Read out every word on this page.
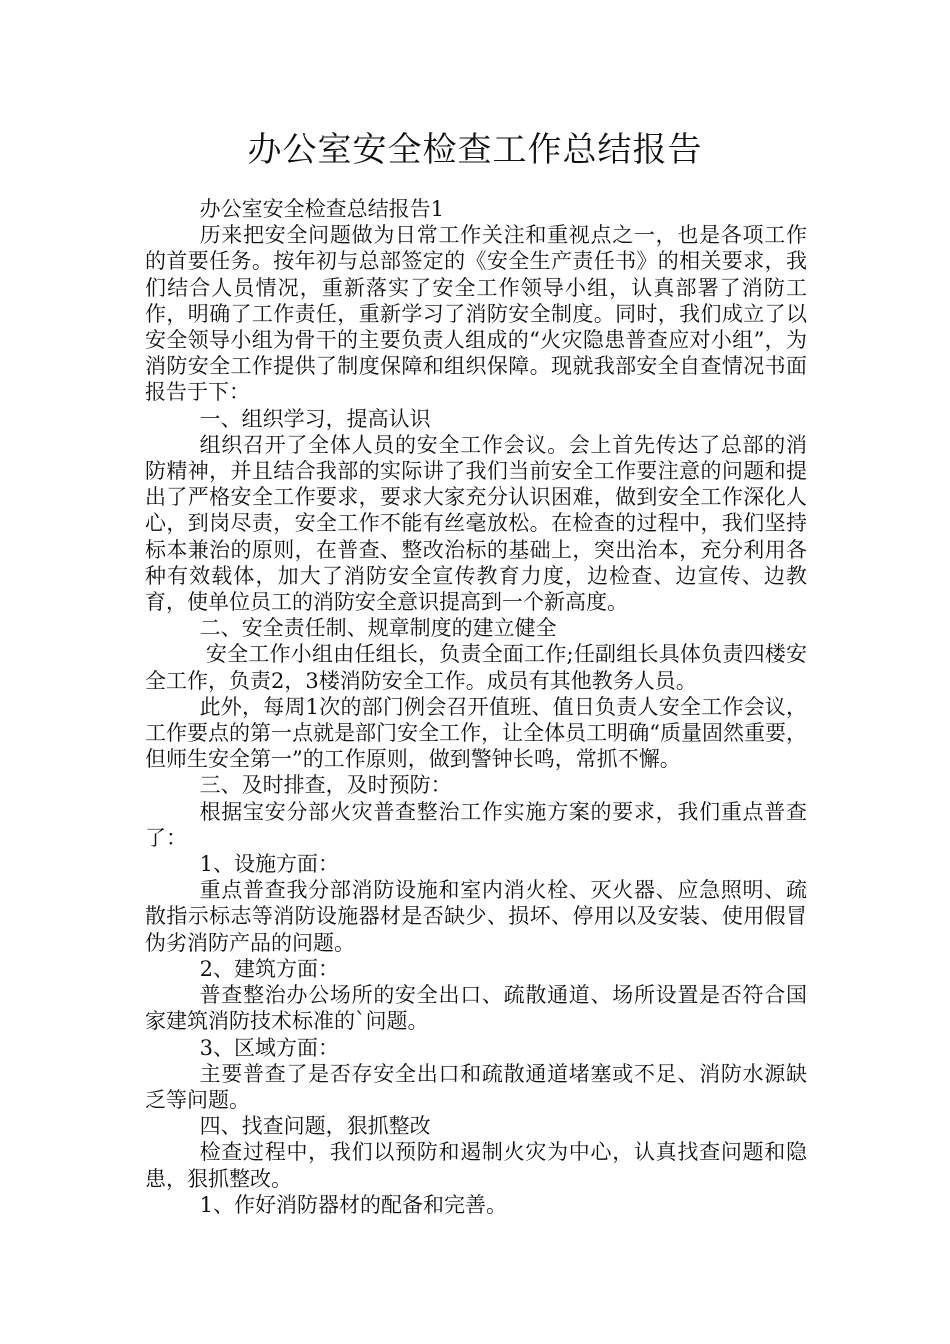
办公室安全检查工作总结报告

办公室安全检查总结报告1

历来把安全问题做为日常工作关注和重视点之一，也是各项工作的首要任务。按年初与总部签定的《安全生产责任书》的相关要求，我们结合人员情况，重新落实了安全工作领导小组，认真部署了消防工作，明确了工作责任，重新学习了消防安全制度。同时，我们成立了以安全领导小组为骨干的主要负责人组成的“火灾隐患普查应对小组”，为消防安全工作提供了制度保障和组织保障。现就我部安全自查情况书面报告于下：

一、组织学习，提高认识

组织召开了全体人员的安全工作会议。会上首先传达了总部的消防精神，并且结合我部的实际讲了我们当前安全工作要注意的问题和提出了严格安全工作要求，要求大家充分认识困难，做到安全工作深化人心，到岗尽责，安全工作不能有丝毫放松。在检查的过程中，我们坚持标本兼治的原则，在普查、整改治标的基础上，突出治本，充分利用各种有效载体，加大了消防安全宣传教育力度，边检查、边宣传、边教育，使单位员工的消防安全意识提高到一个新高度。

二、安全责任制、规章制度的建立健全

安全工作小组由任组长，负责全面工作;任副组长具体负责四楼安全工作，负责2，3楼消防安全工作。成员有其他教务人员。

此外，每周1次的部门例会召开值班、值日负责人安全工作会议，工作要点的第一点就是部门安全工作，让全体员工明确“质量固然重要，但师生安全第一”的工作原则，做到警钟长鸣，常抓不懈。

三、及时排查，及时预防：

根据宝安分部火灾普查整治工作实施方案的要求，我们重点普查了：

1、设施方面：

重点普查我分部消防设施和室内消火栓、灭火器、应急照明、疏散指示标志等消防设施器材是否缺少、损坏、停用以及安装、使用假冒伪劣消防产品的问题。

2、建筑方面：

普查整治办公场所的安全出口、疏散通道、场所设置是否符合国家建筑消防技术标准的`问题。

3、区域方面：

主要普查了是否存安全出口和疏散通道堵塞或不足、消防水源缺乏等问题。

四、找查问题，狠抓整改

检查过程中，我们以预防和遏制火灾为中心，认真找查问题和隐患，狠抓整改。

1、作好消防器材的配备和完善。
